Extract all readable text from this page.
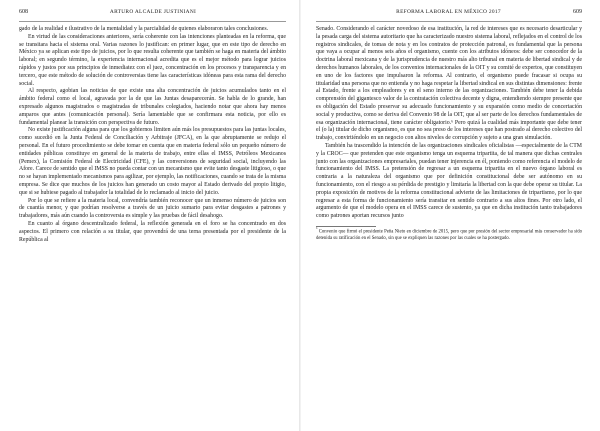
608	ARTURO ALCALDE JUSTINIANI

gado de la realidad e ilustrativo de la mentalidad y la parcialidad de quienes elaboraron tales conclusiones.

En virtud de las consideraciones anteriores, sería coherente con las intenciones planteadas en la reforma, que se transitara hacia el sistema oral. Varias razones lo justifican: en primer lugar, que en este tipo de derecho en México ya se aplican este tipo de juicios, por lo que resulta coherente que también se haga en materia del ámbito laboral; en segundo término, la experiencia internacional acredita que es el mejor método para lograr juicios rápidos y justos por sus principios de inmediatez con el juez, concentración en los procesos y transparencia y en tercero, que este método de solución de controversias tiene las características idóneas para esta rama del derecho social.

Al respecto, agobian las noticias de que existe una alta concentración de juicios acumulados tanto en el ámbito federal como el local, agravada por la de que las Juntas desaparecerán. Se habla de lo grande, han expresado algunos magistrados o magistradas de tribunales colegiados, haciendo notar que ahora hay menos amparos que antes (comunicación personal). Sería lamentable que se confirmara esta noticia, por ello es fundamental planear la transición con perspectiva de futuro.

No existe justificación alguna para que los gobiernos limiten aún más los presupuestos para las juntas locales, como sucedió en la Junta Federal de Conciliación y Arbitraje (JFCA), en la que abruptamente se redujo el personal. En el futuro procedimiento se debe tomar en cuenta que en materia federal sólo un pequeño número de entidades públicas constituye en general de la materia de trabajo, entre ellas el IMSS, Petróleos Mexicanos (Pemex), la Comisión Federal de Electricidad (CFE), y las conversiones de seguridad social, incluyendo las Afore. Carece de sentido que el IMSS no pueda contar con un mecanismo que evite tanto desgaste litigioso, o que no se hayan implementado mecanismos para agilizar, por ejemplo, las notificaciones, cuando se trata de la misma empresa. Se dice que muchos de los juicios han generado un costo mayor al Estado derivado del propio litigio, que si se hubiese pagado al trabajador la totalidad de lo reclamado al inicio del juicio.

Por lo que se refiere a la materia local, convendría también reconocer que un inmenso número de juicios son de cuantía menor, y que podrían resolverse a través de un juicio sumario para evitar desgastes a patrones y trabajadores, más aún cuando la controversia es simple y las pruebas de fácil desahogo.

En cuanto al órgano descentralizado federal, la reflexión generada en el foro se ha concentrado en dos aspectos. El primero con relación a su titular, que provendrá de una terna presentada por el presidente de la República al

REFORMA LABORAL EN MÉXICO 2017	609

Senado. Considerando el carácter novedoso de esa institución, la red de intereses que es necesario desarticular y la pesada carga del sistema autoritario que ha caracterizado nuestro sistema laboral, reflejados en el control de los registros sindicales, de tomas de nota y en los contratos de protección patronal, es fundamental que la persona que vaya a ocupar al menos seis años el organismo, cuente con los atributos idóneos: debe ser conocedor de la doctrina laboral mexicana y de la jurisprudencia de nuestro más alto tribunal en materia de libertad sindical y de derechos humanos laborales, de los convenios internacionales de la OIT y su comité de expertos, que constituyen en uno de los factores que impulsaron la reforma. Al contrario, el organismo puede fracasar si ocupa su titularidad una persona que no entienda y no haga respetar la libertad sindical en sus distintas dimensiones: frente al Estado, frente a los empleadores y en el seno interno de las organizaciones. También debe tener la debida comprensión del gigantesco valor de la contratación colectiva decente y digna, entendiendo siempre presente que es obligación del Estado preservar su adecuado funcionamiento y su expansión como medio de concertación social y productiva, como se deriva del Convenio 98 de la OIT, que al ser parte de los derechos fundamentales de esa organización internacional, tiene carácter obligatorio.⁶ Pero quizá la cualidad más importante que debe tener el (o la) titular de dicho organismo, es que no sea preso de los intereses que han postrado al derecho colectivo del trabajo, convirtiéndolo en un negocio con altos niveles de corrupción y sujeto a una gran simulación.

También ha trascendido la intención de las organizaciones sindicales oficialistas —especialmente de la CTM y la CROC— que pretenden que este organismo tenga un esquema tripartita, de tal manera que dichas centrales junto con las organizaciones empresariales, puedan tener injerencia en él, poniendo como referencia el modelo de funcionamiento del IMSS. La pretensión de regresar a un esquema tripartita en el nuevo órgano laboral es contraria a la naturaleza del organismo que por definición constitucional debe ser autónomo en su funcionamiento, con el riesgo a su pérdida de prestigio y limitaría la libertad con la que debe operar su titular. La propia exposición de motivos de la reforma constitucional advierte de las limitaciones de tripartismo, por lo que regresar a esta forma de funcionamiento sería transitar en sentido contrario a sus altos fines. Por otro lado, el argumento de que el modelo opera en el IMSS carece de sustento, ya que en dicha institución tanto trabajadores como patrones aportan recursos junto

$^{^6}$ Convenio que firmó el presidente Peña Nieto en diciembre de 2015, pero que por presión del sector empresarial más conservador ha sido detenida su ratificación en el Senado, sin que se expliquen las razones por las cuales se ha postergado.
